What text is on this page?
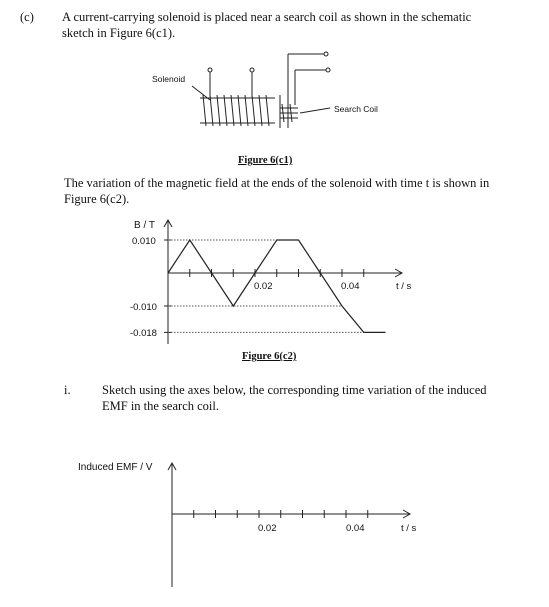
(c) A current-carrying solenoid is placed near a search coil as shown in the schematic
sketch in Figure 6(c1).
Solenoid
Search Coil
Figure 6(c1)
The variation of the magnetic field at the ends of the solenoid with time t is shown in
Figure 6(c2).
B / T
0.010
-0.010
-0.018
0.02	0.04	t / s
Figure 6(c2)
i.	Sketch using the axes below, the corresponding time variation of the induced
EMF in the search coil.
Induced EMF / V
0.02	0.04	t / s
